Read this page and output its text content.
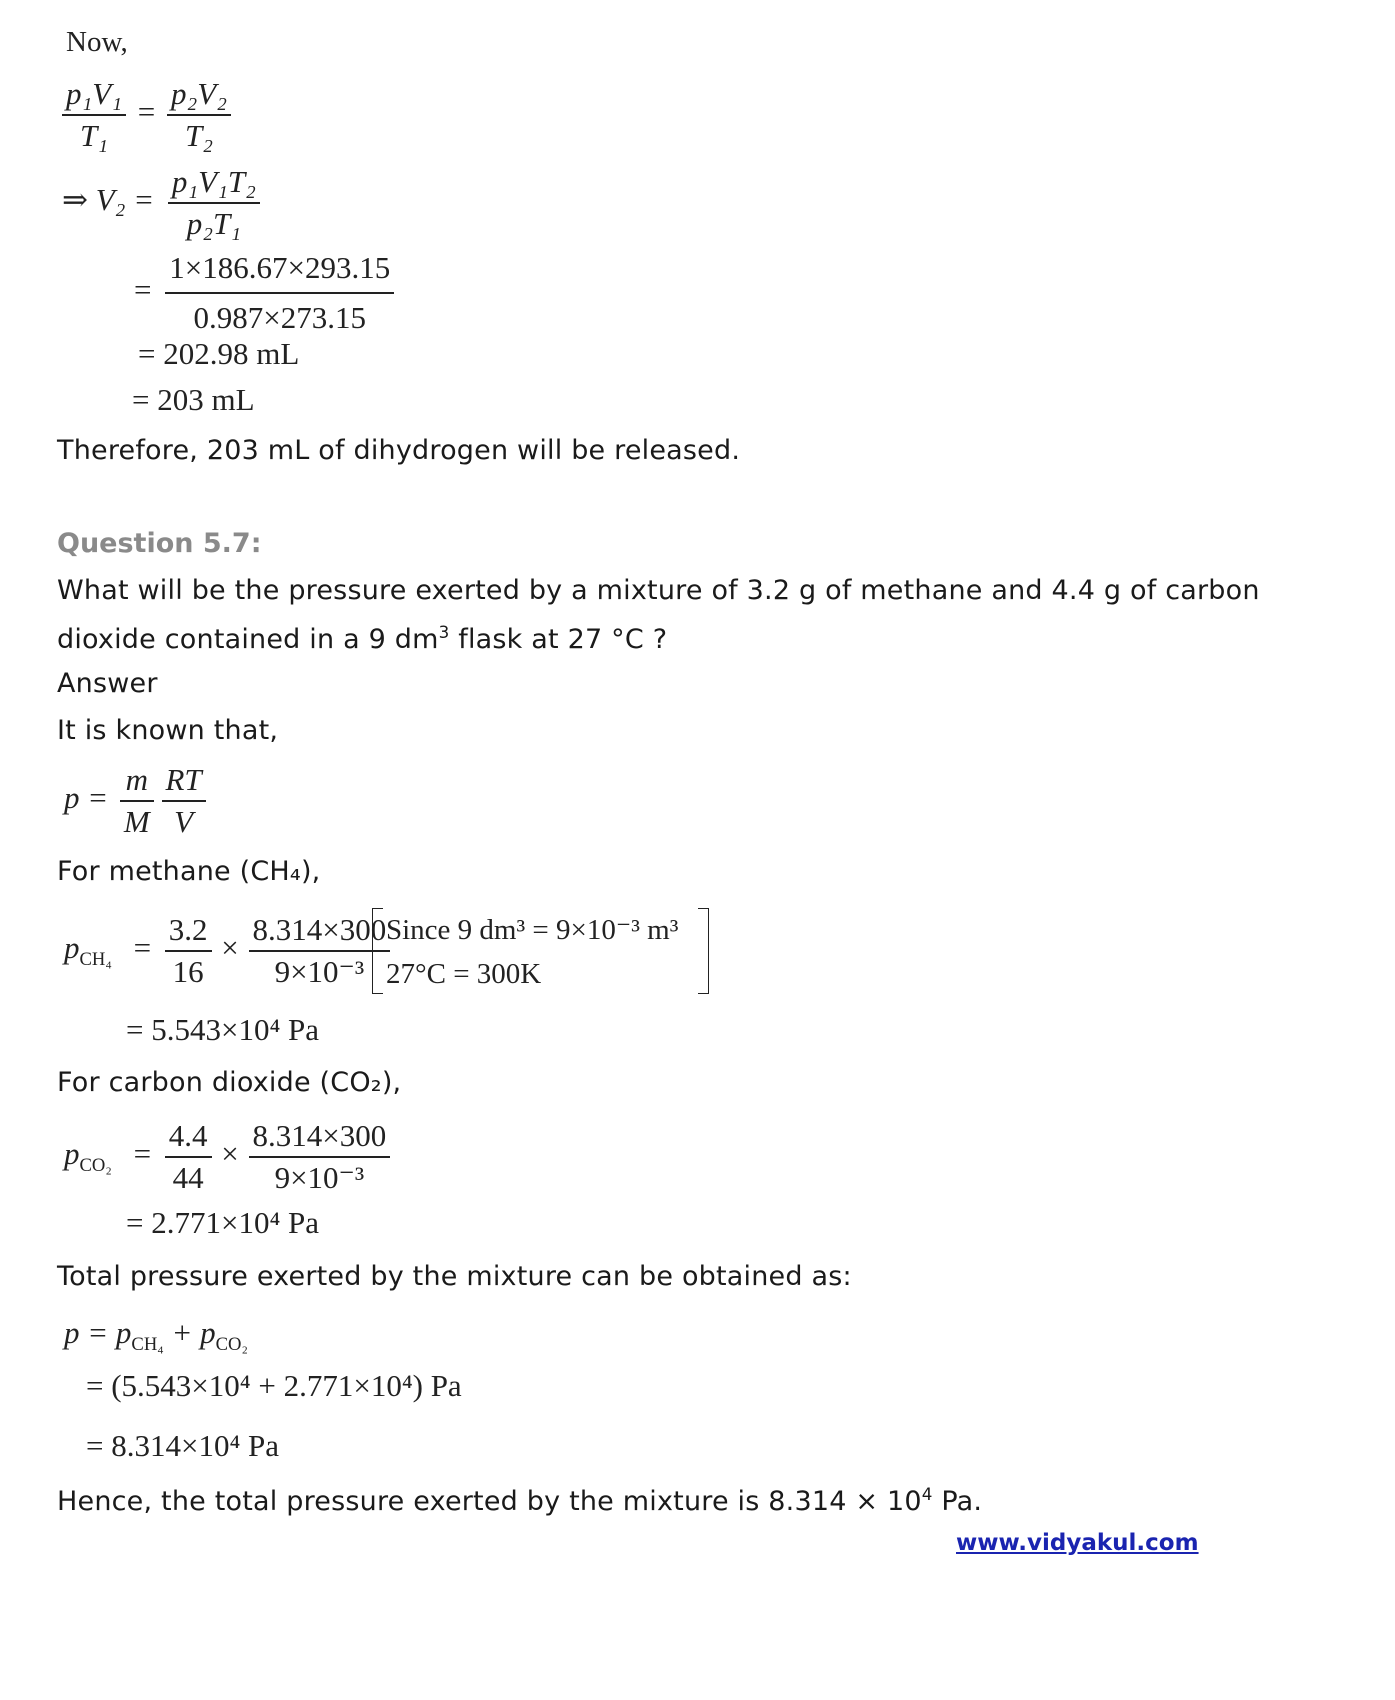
Now,
$\frac{\text{p₁V₁}}{\text{T₁}} = \frac{\text{p₂V₂}}{\text{T₂}}$
⇒ $V_2 = \frac{\text{p₁V₁T₂}}{\text{p₂T₁}}$
= $\frac{1\times 186.67\times 293.15}{0.987\times 273.15}$
= 202.98 mL
= 203 mL
Therefore, 203 mL of dihydrogen will be released.
Question 5.7:
What will be the pressure exerted by a mixture of 3.2 g of methane and 4.4 g of carbon
dioxide contained in a 9 $dm^3$ flask at 27 °C ?
Answer
It is known that,
$p = \frac{m}{M}$
$\frac{RT}{V}$
For methane (CH₄),
$p_{CH_4} = \frac{3.2}{16} \times \frac{8.314\times 300}{\text{9×10⁻³}}$
Since 9 dm³ = 9×10⁻³ m³
27°C = 300K
= 5.543×10⁴ Pa
For carbon dioxide (CO₂),
$p_{CO_2} = \frac{4.4}{44} \times \frac{8.314\times 300}{\text{9×10⁻³}}$
= 2.771×10⁴ Pa
Total pressure exerted by the mixture can be obtained as:
$p = p_{CH_4} + p_{CO_2}$
= (5.543×10⁴ + 2.771×10⁴) Pa
= 8.314×10⁴ Pa
Hence, the total pressure exerted by the mixture is $8.314 \times 10^4$ Pa.
www.vidyakul.com
